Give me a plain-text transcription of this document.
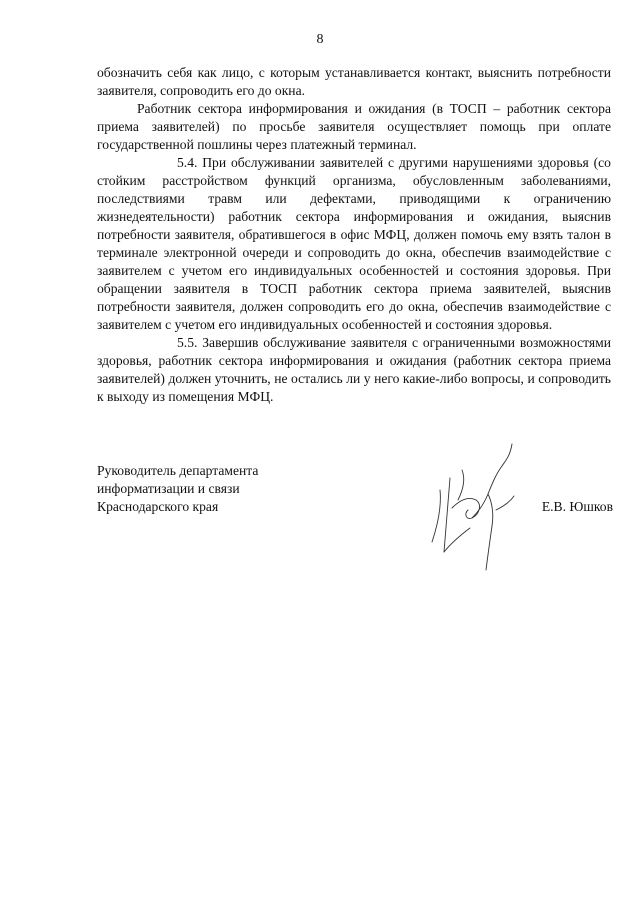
8

обозначить себя как лицо, с которым устанавливается контакт, выяснить потребности заявителя, сопроводить его до окна.

Работник сектора информирования и ожидания (в ТОСП – работник сектора приема заявителей) по просьбе заявителя осуществляет помощь при оплате государственной пошлины через платежный терминал.

5.4. При обслуживании заявителей с другими нарушениями здоровья (со стойким расстройством функций организма, обусловленным заболеваниями, последствиями травм или дефектами, приводящими к ограничению жизнедеятельности) работник сектора информирования и ожидания, выяснив потребности заявителя, обратившегося в офис МФЦ, должен помочь ему взять талон в терминале электронной очереди и сопроводить до окна, обеспечив взаимодействие с заявителем с учетом его индивидуальных особенностей и состояния здоровья. При обращении заявителя в ТОСП работник сектора приема заявителей, выяснив потребности заявителя, должен сопроводить его до окна, обеспечив взаимодействие с заявителем с учетом его индивидуальных особенностей и состояния здоровья.

5.5. Завершив обслуживание заявителя с ограниченными возможностями здоровья, работник сектора информирования и ожидания (работник сектора приема заявителей) должен уточнить, не остались ли у него какие-либо вопросы, и сопроводить к выходу из помещения МФЦ.

Руководитель департамента
информатизации и связи
Краснодарского края	Е.В. Юшков
